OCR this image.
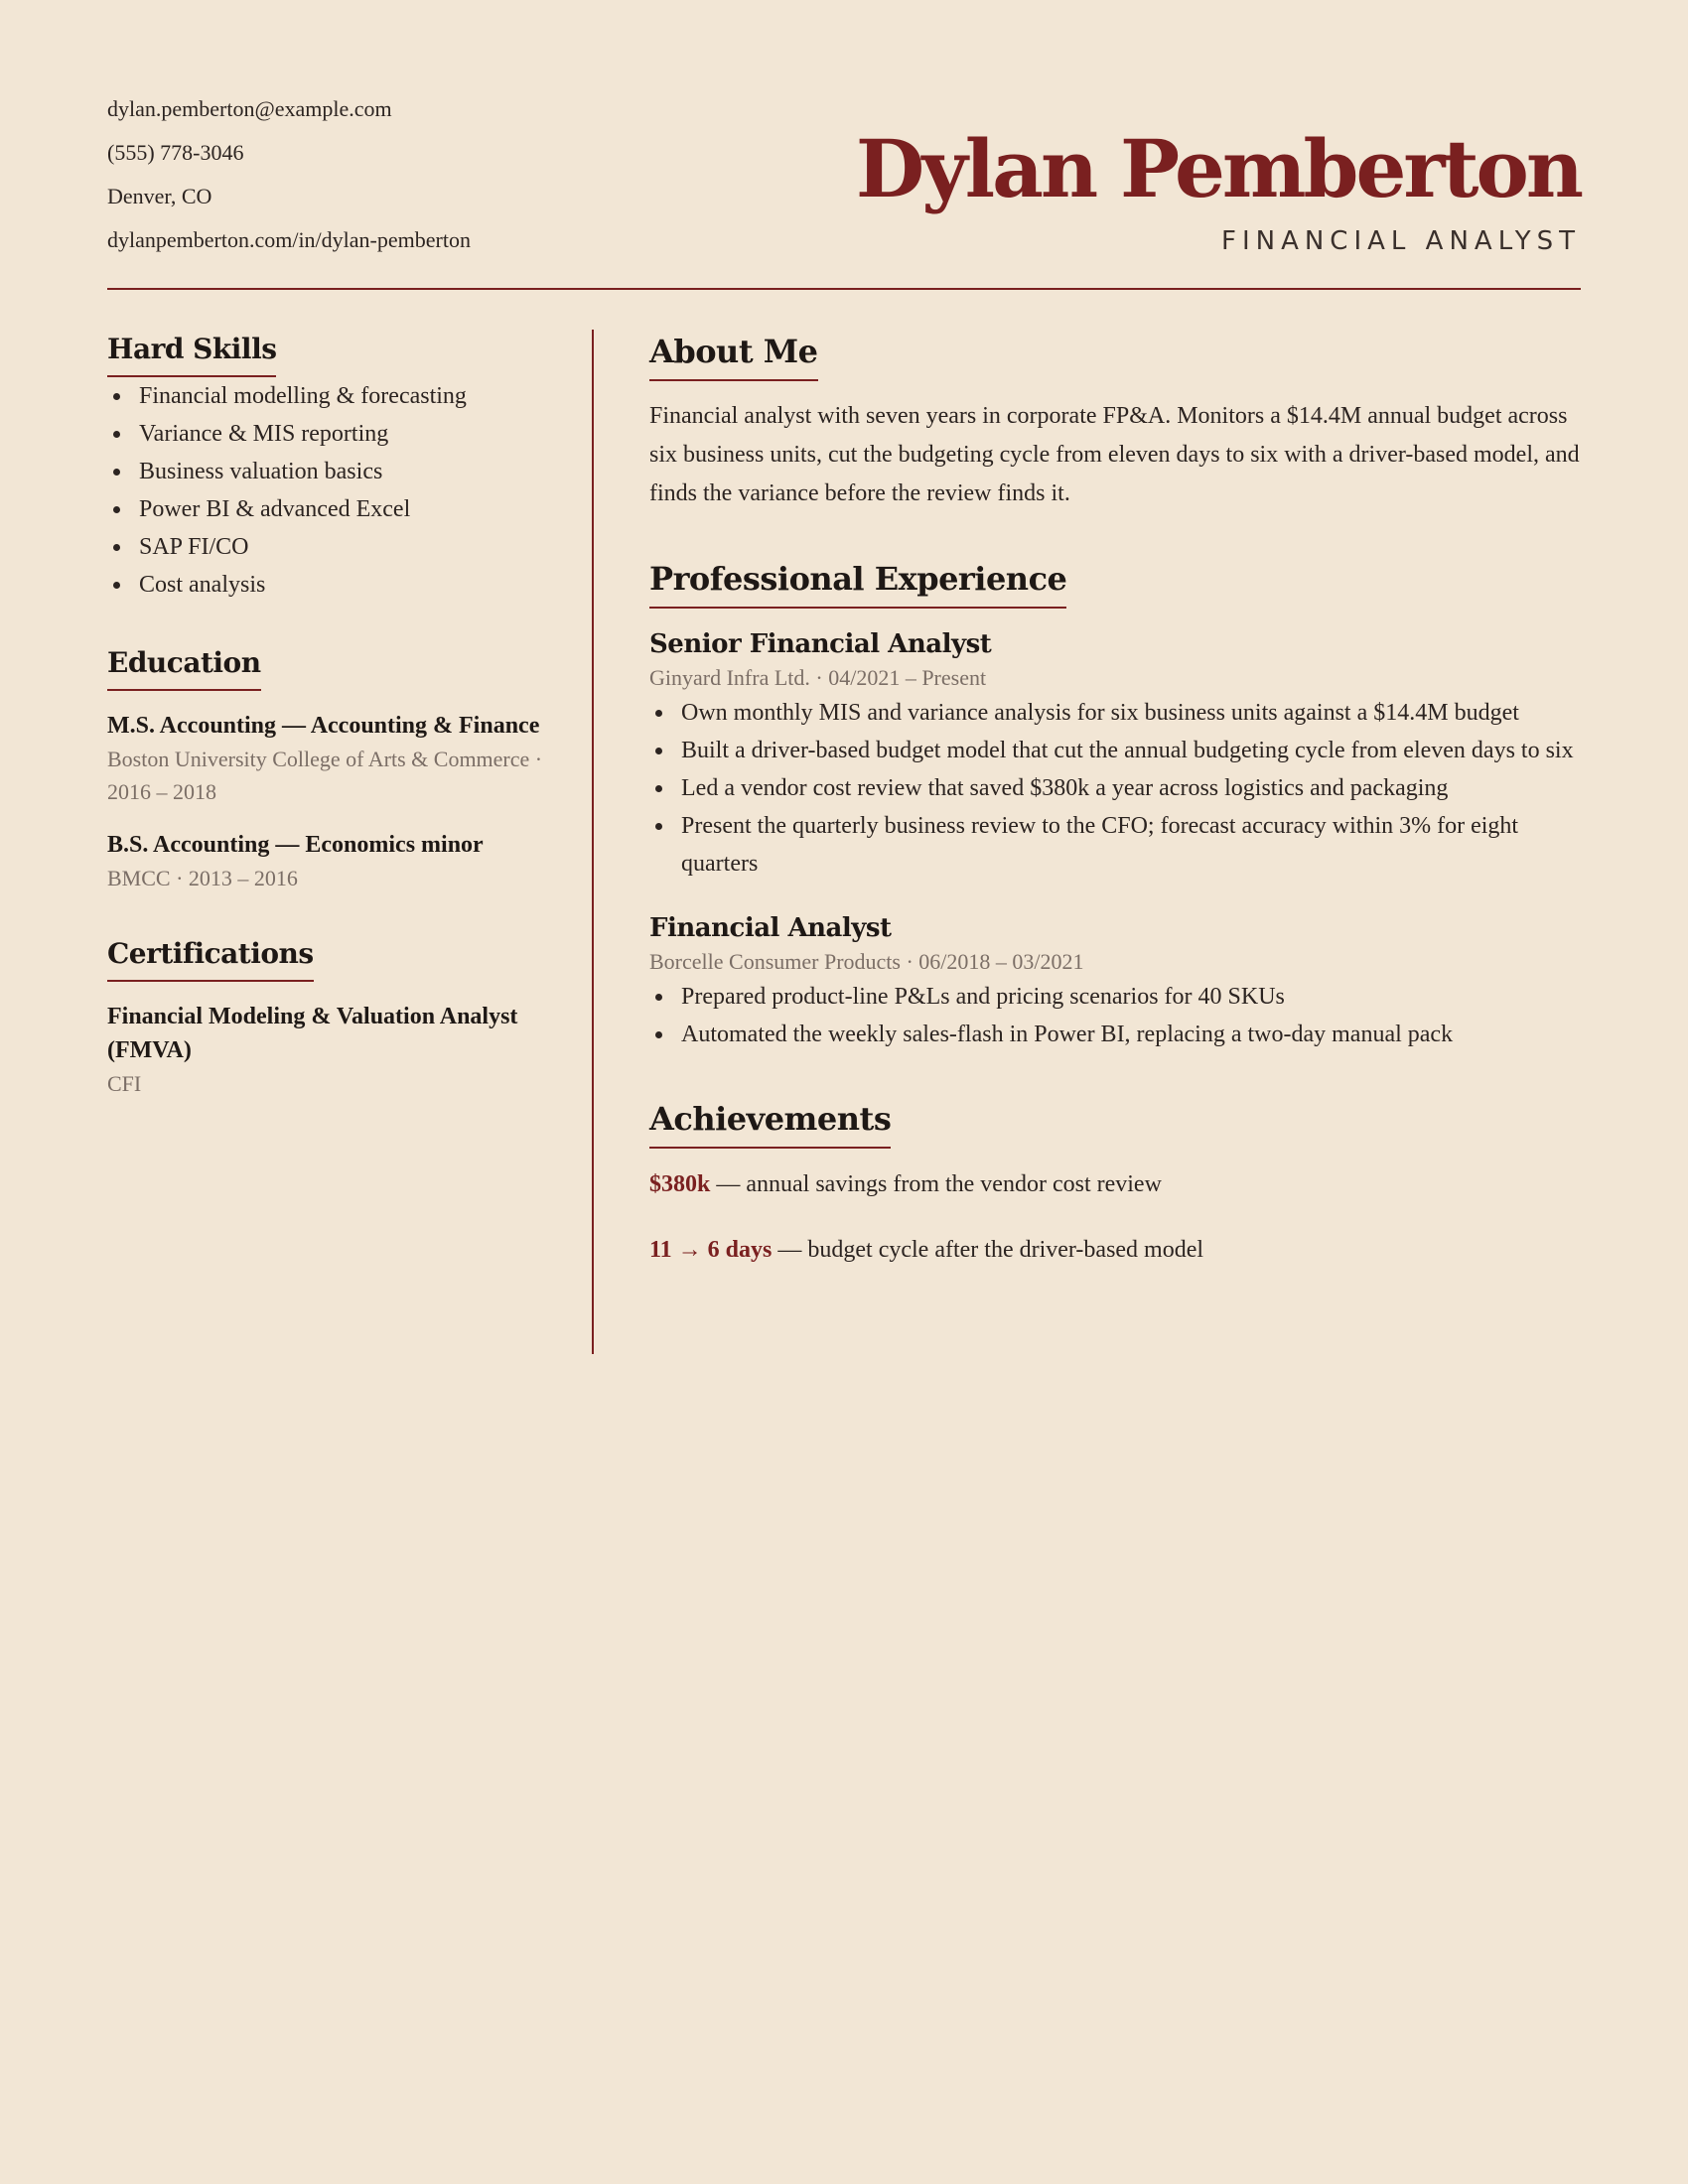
dylan.pemberton@example.com
(555) 778-3046
Denver, CO
dylanpemberton.com/in/dylan-pemberton
Dylan Pemberton
FINANCIAL ANALYST
Hard Skills
Financial modelling & forecasting
Variance & MIS reporting
Business valuation basics
Power BI & advanced Excel
SAP FI/CO
Cost analysis
Education
M.S. Accounting — Accounting & Finance
Boston University College of Arts & Commerce · 2016 – 2018
B.S. Accounting — Economics minor
BMCC · 2013 – 2016
Certifications
Financial Modeling & Valuation Analyst (FMVA)
CFI
About Me
Financial analyst with seven years in corporate FP&A. Monitors a $14.4M annual budget across six business units, cut the budgeting cycle from eleven days to six with a driver-based model, and finds the variance before the review finds it.
Professional Experience
Senior Financial Analyst
Ginyard Infra Ltd. · 04/2021 – Present
Own monthly MIS and variance analysis for six business units against a $14.4M budget
Built a driver-based budget model that cut the annual budgeting cycle from eleven days to six
Led a vendor cost review that saved $380k a year across logistics and packaging
Present the quarterly business review to the CFO; forecast accuracy within 3% for eight quarters
Financial Analyst
Borcelle Consumer Products · 06/2018 – 03/2021
Prepared product-line P&Ls and pricing scenarios for 40 SKUs
Automated the weekly sales-flash in Power BI, replacing a two-day manual pack
Achievements
$380k — annual savings from the vendor cost review
11 → 6 days — budget cycle after the driver-based model
